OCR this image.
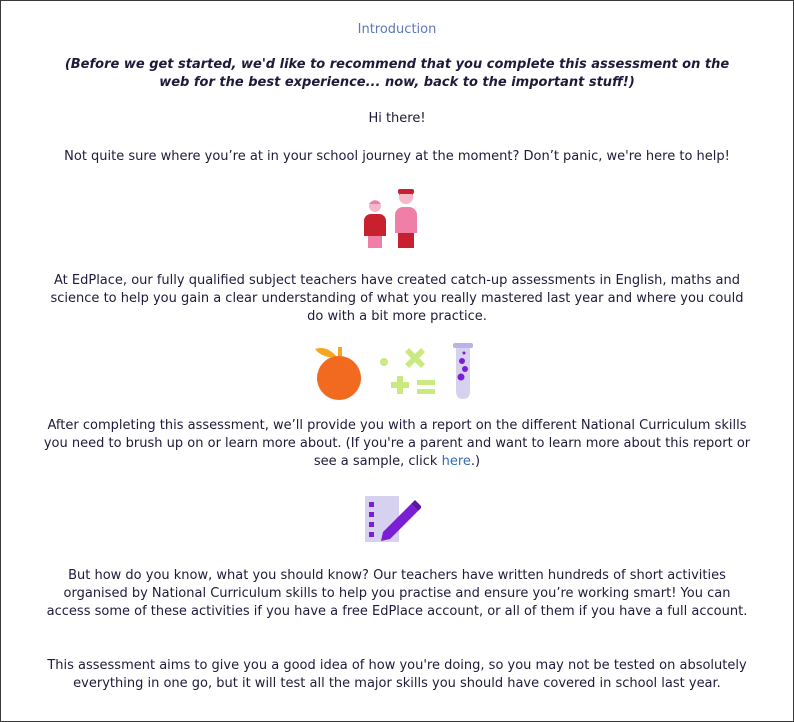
Introduction
(Before we get started, we'd like to recommend that you complete this assessment on the web for the best experience... now, back to the important stuff!)
Hi there!
Not quite sure where you’re at in your school journey at the moment? Don’t panic, we're here to help!
At EdPlace, our fully qualified subject teachers have created catch-up assessments in English, maths and science to help you gain a clear understanding of what you really mastered last year and where you could do with a bit more practice.
After completing this assessment, we’ll provide you with a report on the different National Curriculum skills you need to brush up on or learn more about. (If you're a parent and want to learn more about this report or see a sample, click here.)
But how do you know, what you should know? Our teachers have written hundreds of short activities organised by National Curriculum skills to help you practise and ensure you’re working smart! You can access some of these activities if you have a free EdPlace account, or all of them if you have a full account.
This assessment aims to give you a good idea of how you're doing, so you may not be tested on absolutely everything in one go, but it will test all the major skills you should have covered in school last year.
